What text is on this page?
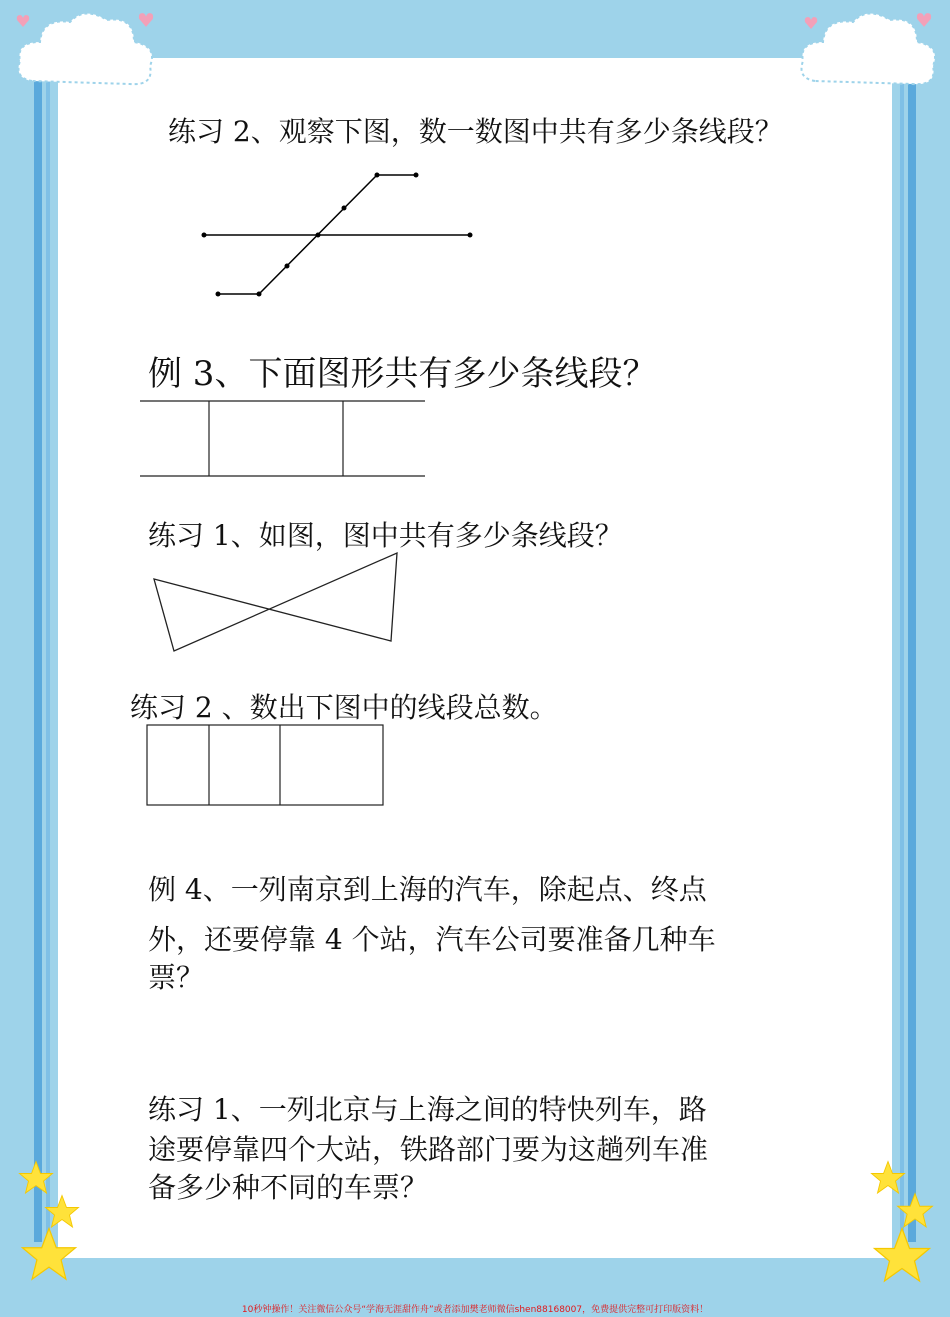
练习 2、观察下图，数一数图中共有多少条线段？

例 3、下面图形共有多少条线段？

练习 1、如图，图中共有多少条线段？

练习 2 、数出下图中的线段总数。

例 4、一列南京到上海的汽车，除起点、终点

外，还要停靠 4 个站，汽车公司要准备几种车

票？

练习 1、一列北京与上海之间的特快列车，路

途要停靠四个大站，铁路部门要为这趟列车准

备多少种不同的车票？

10秒钟操作！关注微信公众号“学海无涯甜作舟”或者添加樊老师微信shen88168007，免费提供完整可打印版资料！
